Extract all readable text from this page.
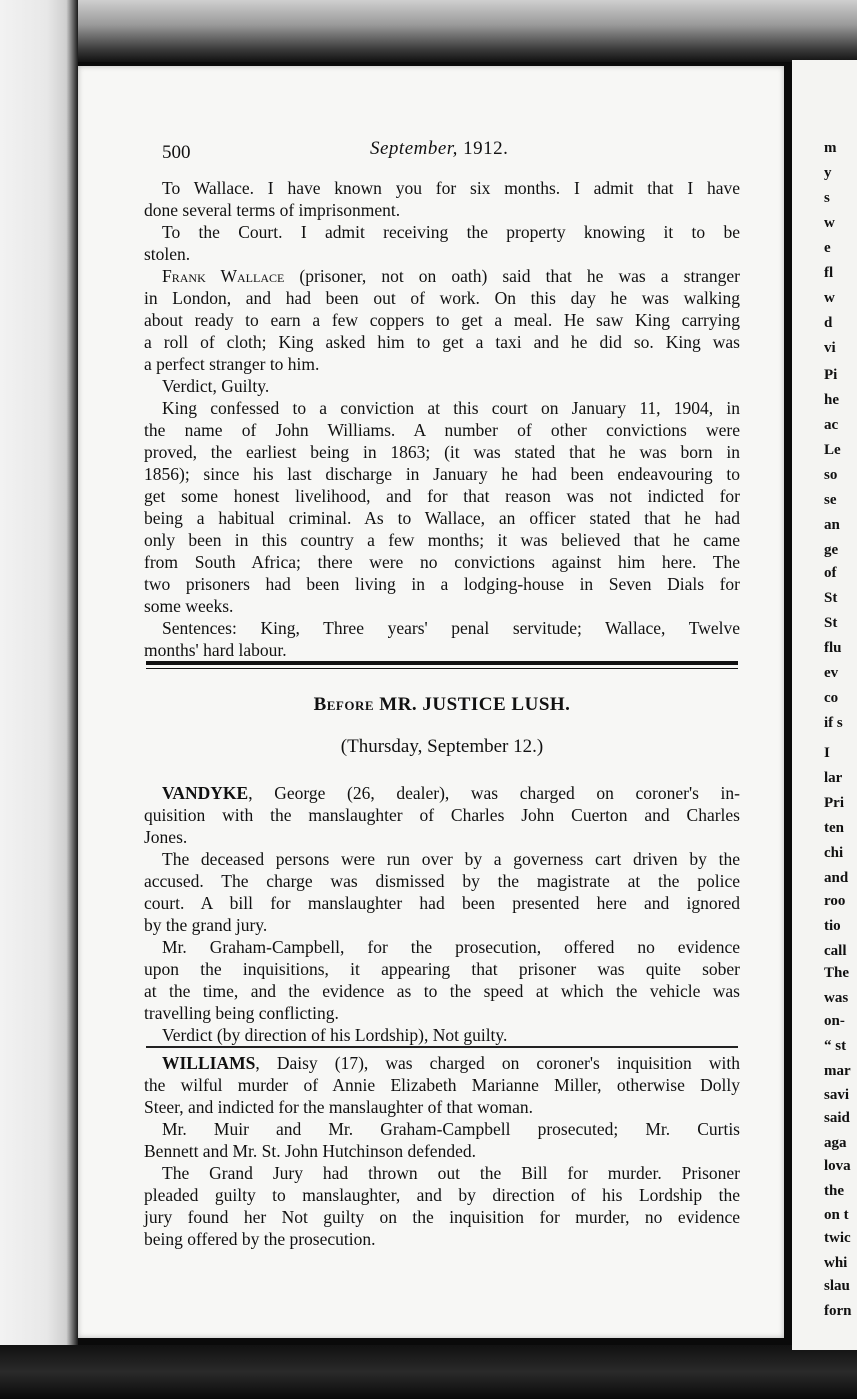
m
y
s
w
e
fl
w
d
vi
Pi
he
ac
Le
so
se
an
ge
of
St
St
flu
ev
co
if s
I
lar
Pri
ten
chi
and
roo
tio
call
The
was
on-
“ st
mar
savi
said
aga
lova
the
on t
twic
whi
slau
forn
500	September, 1912.
To Wallace. I have known you for six months. I admit that I have
done several terms of imprisonment.
To the Court. I admit receiving the property knowing it to be
stolen.
Frank Wallace (prisoner, not on oath) said that he was a stranger
in London, and had been out of work. On this day he was walking
about ready to earn a few coppers to get a meal. He saw King carrying
a roll of cloth; King asked him to get a taxi and he did so. King was
a perfect stranger to him.
Verdict, Guilty.
King confessed to a conviction at this court on January 11, 1904, in
the name of John Williams. A number of other convictions were
proved, the earliest being in 1863; (it was stated that he was born in
1856); since his last discharge in January he had been endeavouring to
get some honest livelihood, and for that reason was not indicted for
being a habitual criminal. As to Wallace, an officer stated that he had
only been in this country a few months; it was believed that he came
from South Africa; there were no convictions against him here. The
two prisoners had been living in a lodging-house in Seven Dials for
some weeks.
Sentences: King, Three years' penal servitude; Wallace, Twelve
months' hard labour.
Before MR. JUSTICE LUSH.
(Thursday, September 12.)
VANDYKE, George (26, dealer), was charged on coroner's in-
quisition with the manslaughter of Charles John Cuerton and Charles
Jones.
The deceased persons were run over by a governess cart driven by the
accused. The charge was dismissed by the magistrate at the police
court. A bill for manslaughter had been presented here and ignored
by the grand jury.
Mr. Graham-Campbell, for the prosecution, offered no evidence
upon the inquisitions, it appearing that prisoner was quite sober
at the time, and the evidence as to the speed at which the vehicle was
travelling being conflicting.
Verdict (by direction of his Lordship), Not guilty.
WILLIAMS, Daisy (17), was charged on coroner's inquisition with
the wilful murder of Annie Elizabeth Marianne Miller, otherwise Dolly
Steer, and indicted for the manslaughter of that woman.
Mr. Muir and Mr. Graham-Campbell prosecuted; Mr. Curtis
Bennett and Mr. St. John Hutchinson defended.
The Grand Jury had thrown out the Bill for murder. Prisoner
pleaded guilty to manslaughter, and by direction of his Lordship the
jury found her Not guilty on the inquisition for murder, no evidence
being offered by the prosecution.
